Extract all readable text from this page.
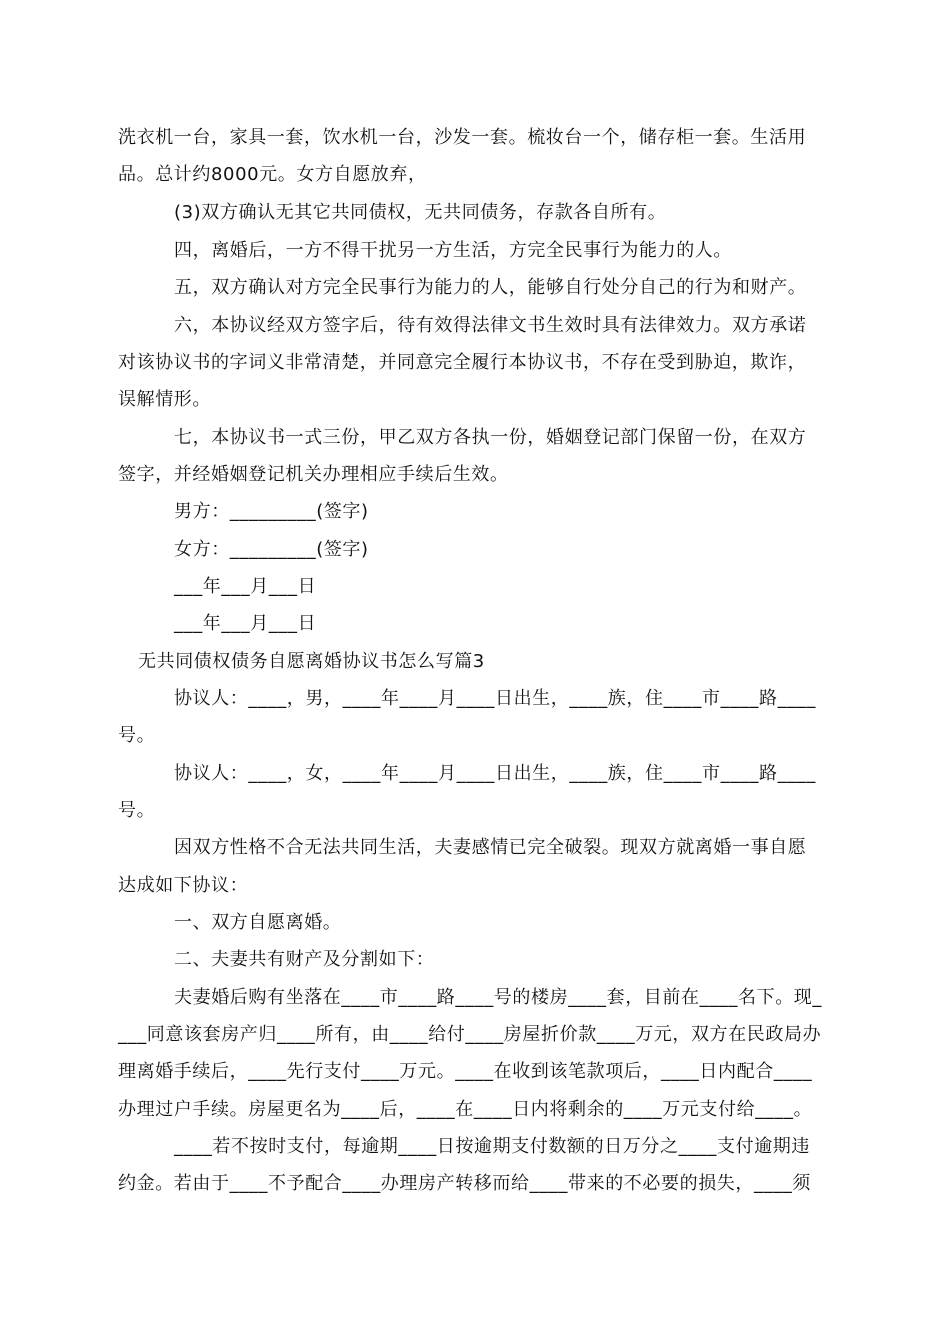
洗衣机一台，家具一套，饮水机一台，沙发一套。梳妆台一个，储存柜一套。生活用
品。总计约8000元。女方自愿放弃，
(3)双方确认无其它共同债权，无共同债务，存款各自所有。
四，离婚后，一方不得干扰另一方生活，方完全民事行为能力的人。
五，双方确认对方完全民事行为能力的人，能够自行处分自己的行为和财产。
六，本协议经双方签字后，待有效得法律文书生效时具有法律效力。双方承诺
对该协议书的字词义非常清楚，并同意完全履行本协议书，不存在受到胁迫，欺诈，
误解情形。
七，本协议书一式三份，甲乙双方各执一份，婚姻登记部门保留一份，在双方
签字，并经婚姻登记机关办理相应手续后生效。
男方：_________(签字)
女方：_________(签字)
___年___月___日
___年___月___日
无共同债权债务自愿离婚协议书怎么写篇3
协议人：____，男，____年____月____日出生，____族，住____市____路____
号。
协议人：____，女，____年____月____日出生，____族，住____市____路____
号。
因双方性格不合无法共同生活，夫妻感情已完全破裂。现双方就离婚一事自愿
达成如下协议：
一、双方自愿离婚。
二、夫妻共有财产及分割如下：
夫妻婚后购有坐落在____市____路____号的楼房____套，目前在____名下。现_
___同意该套房产归____所有，由____给付____房屋折价款____万元，双方在民政局办
理离婚手续后，____先行支付____万元。____在收到该笔款项后，____日内配合____
办理过户手续。房屋更名为____后，____在____日内将剩余的____万元支付给____。
____若不按时支付，每逾期____日按逾期支付数额的日万分之____支付逾期违
约金。若由于____不予配合____办理房产转移而给____带来的不必要的损失，____须
